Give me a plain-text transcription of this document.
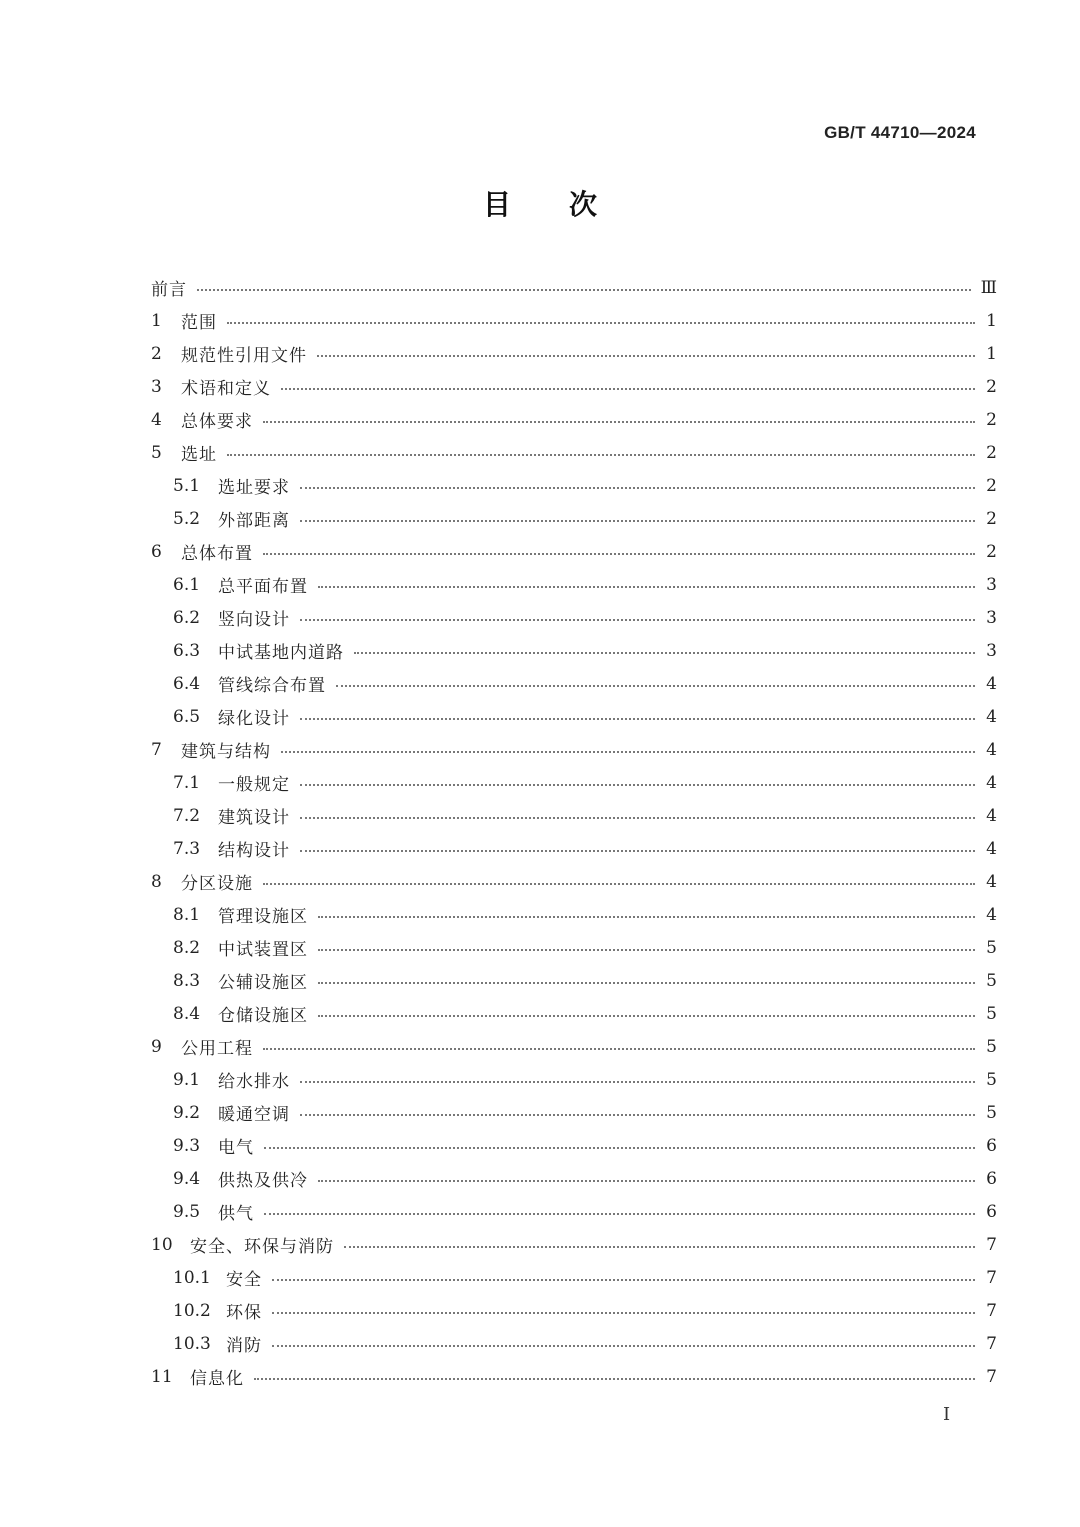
GB/T 44710—2024
目 次
前言	Ⅲ
1	范围	1
2	规范性引用文件	1
3	术语和定义	2
4	总体要求	2
5	选址	2
5.1	选址要求	2
5.2	外部距离	2
6	总体布置	2
6.1	总平面布置	3
6.2	竖向设计	3
6.3	中试基地内道路	3
6.4	管线综合布置	4
6.5	绿化设计	4
7	建筑与结构	4
7.1	一般规定	4
7.2	建筑设计	4
7.3	结构设计	4
8	分区设施	4
8.1	管理设施区	4
8.2	中试装置区	5
8.3	公辅设施区	5
8.4	仓储设施区	5
9	公用工程	5
9.1	给水排水	5
9.2	暖通空调	5
9.3	电气	6
9.4	供热及供冷	6
9.5	供气	6
10	安全、环保与消防	7
10.1 安全	7
10.2 环保	7
10.3 消防	7
11	信息化	7
I
